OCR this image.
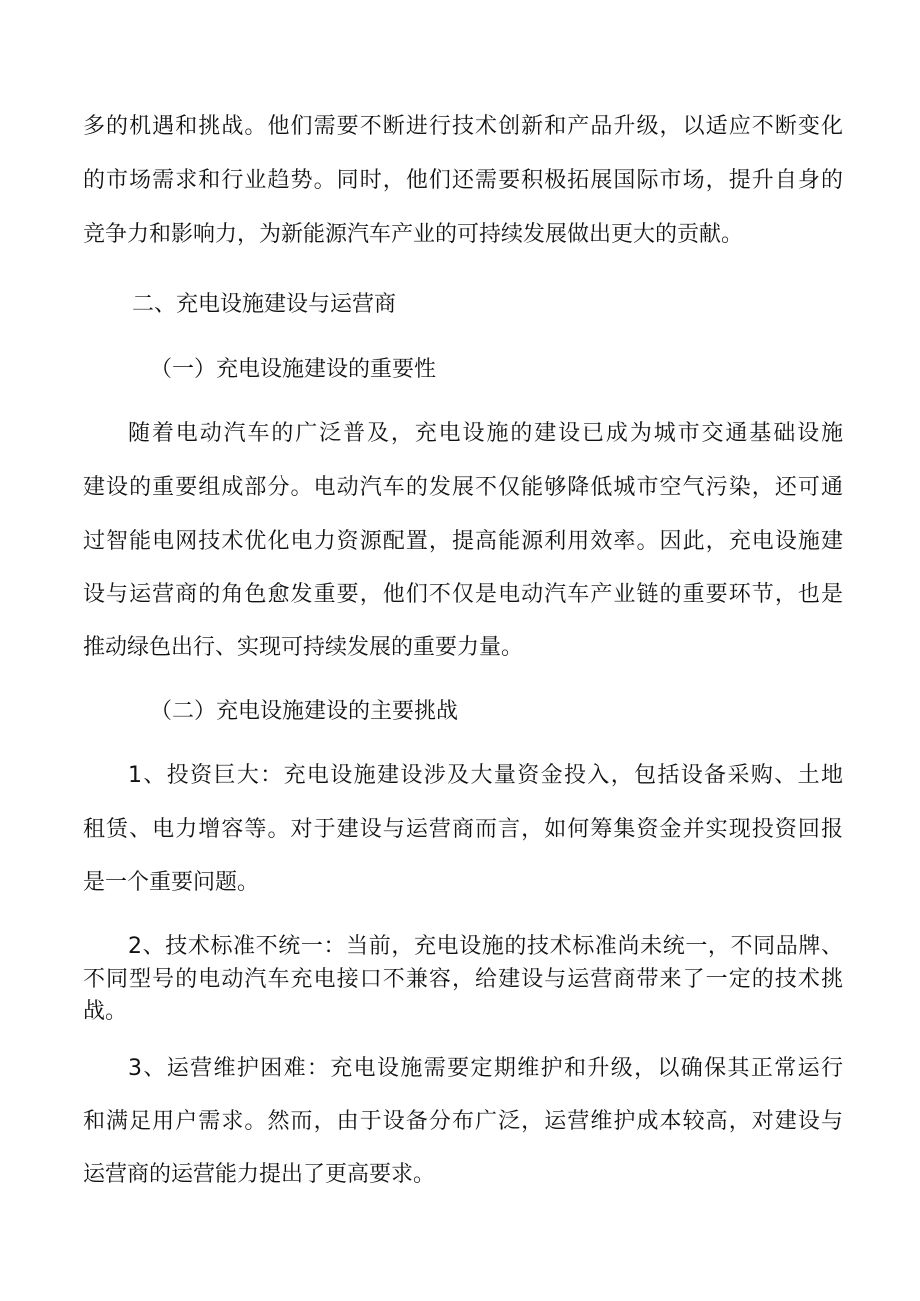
多的机遇和挑战。他们需要不断进行技术创新和产品升级，以适应不断变化
的市场需求和行业趋势。同时，他们还需要积极拓展国际市场，提升自身的
竞争力和影响力，为新能源汽车产业的可持续发展做出更大的贡献。
二、充电设施建设与运营商
（一）充电设施建设的重要性
随着电动汽车的广泛普及，充电设施的建设已成为城市交通基础设施
建设的重要组成部分。电动汽车的发展不仅能够降低城市空气污染，还可通
过智能电网技术优化电力资源配置，提高能源利用效率。因此，充电设施建
设与运营商的角色愈发重要，他们不仅是电动汽车产业链的重要环节，也是
推动绿色出行、实现可持续发展的重要力量。
（二）充电设施建设的主要挑战
1、投资巨大：充电设施建设涉及大量资金投入，包括设备采购、土地
租赁、电力增容等。对于建设与运营商而言，如何筹集资金并实现投资回报
是一个重要问题。
2、技术标准不统一：当前，充电设施的技术标准尚未统一，不同品牌、
不同型号的电动汽车充电接口不兼容，给建设与运营商带来了一定的技术挑
战。
3、运营维护困难：充电设施需要定期维护和升级，以确保其正常运行
和满足用户需求。然而，由于设备分布广泛，运营维护成本较高，对建设与
运营商的运营能力提出了更高要求。
